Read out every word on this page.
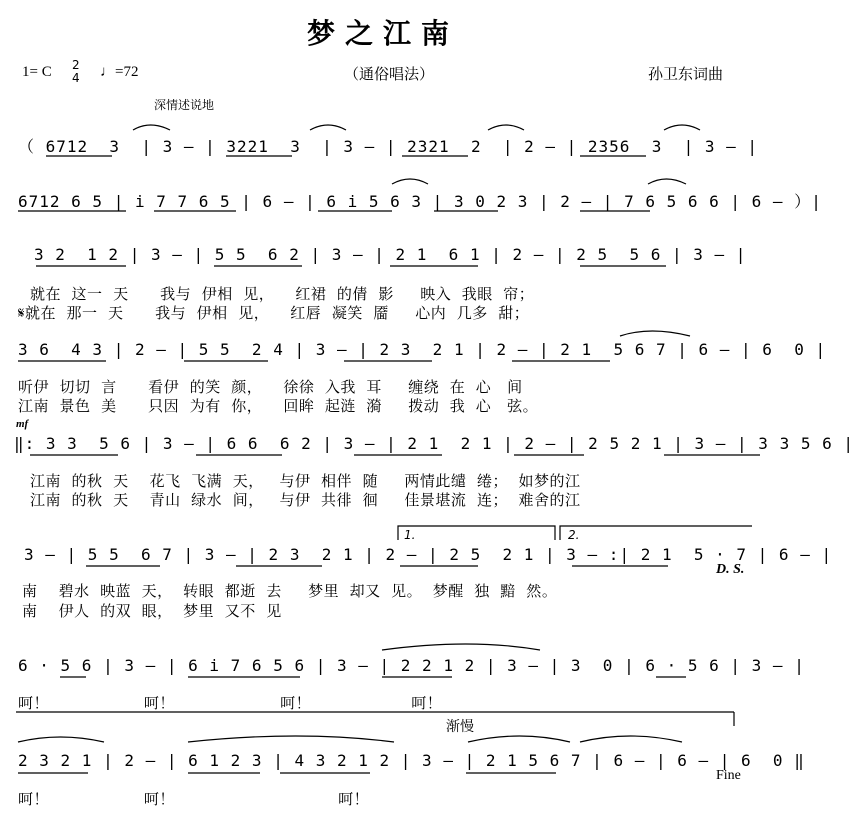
梦之江南
1= C 2
4 ♩=72	（通俗唱法）	孙卫东词曲
深情述说地
（ 6712  3  | 3 – | 3221  3  | 3 – | 2321  2  | 2 – | 2356  3  | 3 – |
6712 6 5 | i 7 7 6 5 | 6 – | 6 i 5 6 3 | 3 0 2 3 | 2 – | 7 6 5 6 6 | 6 – ）|
3 2  1 2 | 3 – | 5 5  6 2 | 3 – | 2 1  6 1 | 2 – | 2 5  5 6 | 3 – |
就在  这一  天      我与  伊相  见，    红裙  的倩  影     映入  我眼  帘；
𝄋就在  那一  天      我与  伊相  见，    红唇  凝笑  靥     心内  几多  甜；
3 6  4 3 | 2 – | 5 5  2 4 | 3 – | 2 3  2 1 | 2 – | 2 1  5 6 7 | 6 – | 6  0 |
听伊  切切  言      看伊  的笑  颜，    徐徐  入我  耳     缠绕  在  心   间
江南  景色  美      只因  为有  你，    回眸  起涟  漪     拨动  我  心   弦。
mf
‖: 3 3  5 6 | 3 – | 6 6  6 2 | 3 – | 2 1  2 1 | 2 – | 2 5 2 1 | 3 – | 3 3 5 6 |
江南  的秋  天    花飞  飞满  天，   与伊  相伴  随     两情此缱  绻；  如梦的江
江南  的秋  天    青山  绿水  间，   与伊  共徘  徊     佳景堪流  连；  难舍的江
1.	2.
3 – | 5 5  6 7 | 3 – | 2 3  2 1 | 2 – | 2 5  2 1 | 3 – :| 2 1  5 · 7 | 6 – |
D. S.
南    碧水  映蓝  天，  转眼  都逝  去     梦里  却又  见。  梦醒  独  黯  然。
南    伊人  的双  眼，  梦里  又不  见
6 · 5 6 | 3 – | 6 i 7 6 5 6 | 3 – | 2 2 1 2 | 3 – | 3  0 | 6 · 5 6 | 3 – |
呵！                  呵！                    呵！                   呵！
渐慢
2 3 2 1 | 2 – | 6 1 2 3 | 4 3 2 1 2 | 3 – | 2 1 5 6 7 | 6 – | 6 – | 6  0 ‖
Fine
呵！                  呵！                               呵！
